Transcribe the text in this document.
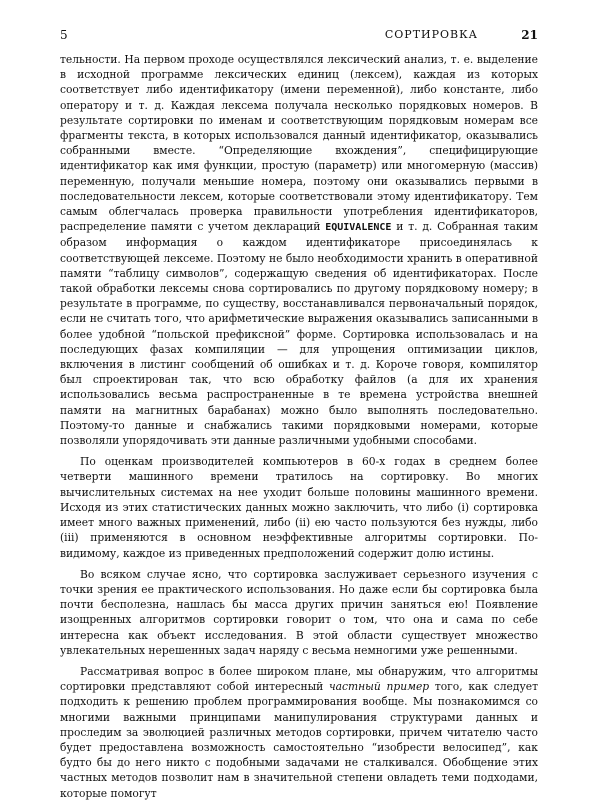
5	СОРТИРОВКА	21

тельности. На первом проходе осуществлялся лексический анализ, т. е. выделение в исходной программе лексических единиц (лексем), каждая из которых соответствует либо идентификатору (имени переменной), либо константе, либо оператору и т. д. Каждая лексема получала несколько порядковых номеров. В результате сортировки по именам и соответствующим порядковым номерам все фрагменты текста, в которых использовался данный идентификатор, оказывались собранными вместе. “Определяющие вхождения”, специфицирующие идентификатор как имя функции, простую (параметр) или многомерную (массив) переменную, получали меньшие номера, поэтому они оказывались первыми в последовательности лексем, которые соответствовали этому идентификатору. Тем самым облегчалась проверка правильности употребления идентификаторов, распределение памяти с учетом деклараций EQUIVALENCE и т. д. Собранная таким образом информация о каждом идентификаторе присоединялась к соответствующей лексеме. Поэтому не было необходимости хранить в оперативной памяти “таблицу символов”, содержащую сведения об идентификаторах. После такой обработки лексемы снова сортировались по другому порядковому номеру; в результате в программе, по существу, восстанавливался первоначальный порядок, если не считать того, что арифметические выражения оказывались записанными в более удобной “польской префиксной” форме. Сортировка использовалась и на последующих фазах компиляции — для упрощения оптимизации циклов, включения в листинг сообщений об ошибках и т. д. Короче говоря, компилятор был спроектирован так, что всю обработку файлов (а для их хранения использовались весьма распространенные в те времена устройства внешней памяти на магнитных барабанах) можно было выполнять последовательно. Поэтому-то данные и снабжались такими порядковыми номерами, которые позволяли упорядочивать эти данные различными удобными способами.

По оценкам производителей компьютеров в 60-х годах в среднем более четверти машинного времени тратилось на сортировку. Во многих вычислительных системах на нее уходит больше половины машинного времени. Исходя из этих статистических данных можно заключить, что либо (i) сортировка имеет много важных применений, либо (ii) ею часто пользуются без нужды, либо (iii) применяются в основном неэффективные алгоритмы сортировки. По-видимому, каждое из приведенных предположений содержит долю истины.

Во всяком случае ясно, что сортировка заслуживает серьезного изучения с точки зрения ее практического использования. Но даже если бы сортировка была почти бесполезна, нашлась бы масса других причин заняться ею! Появление изощренных алгоритмов сортировки говорит о том, что она и сама по себе интересна как объект исследования. В этой области существует множество увлекательных нерешенных задач наряду с весьма немногими уже решенными.

Рассматривая вопрос в более широком плане, мы обнаружим, что алгоритмы сортировки представляют собой интересный частный пример того, как следует подходить к решению проблем программирования вообще. Мы познакомимся со многими важными принципами манипулирования структурами данных и проследим за эволюцией различных методов сортировки, причем читателю часто будет предоставлена возможность самостоятельно “изобрести велосипед”, как будто бы до него никто с подобными задачами не сталкивался. Обобщение этих частных методов позволит нам в значительной степени овладеть теми подходами, которые помогут
